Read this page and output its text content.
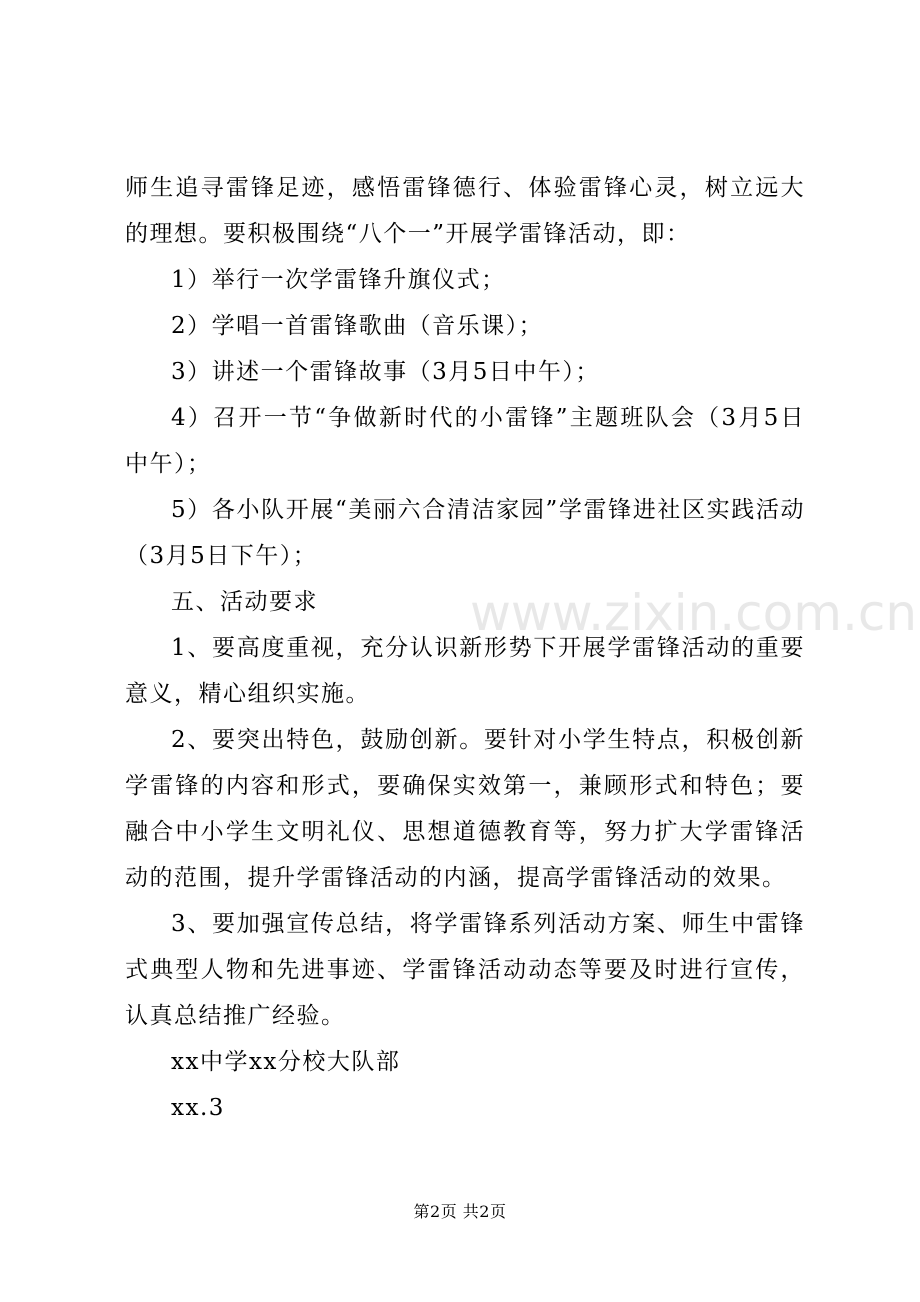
师生追寻雷锋足迹，感悟雷锋德行、体验雷锋心灵，树立远大的理想。要积极围绕“八个一”开展学雷锋活动，即：

1）举行一次学雷锋升旗仪式；

2）学唱一首雷锋歌曲（音乐课）；

3）讲述一个雷锋故事（3月5日中午）；

4）召开一节“争做新时代的小雷锋”主题班队会（3月5日中午）；

5）各小队开展“美丽六合清洁家园”学雷锋进社区实践活动（3月5日下午）；

五、活动要求

1、要高度重视，充分认识新形势下开展学雷锋活动的重要意义，精心组织实施。

2、要突出特色，鼓励创新。要针对小学生特点，积极创新学雷锋的内容和形式，要确保实效第一，兼顾形式和特色；要融合中小学生文明礼仪、思想道德教育等，努力扩大学雷锋活动的范围，提升学雷锋活动的内涵，提高学雷锋活动的效果。

3、要加强宣传总结，将学雷锋系列活动方案、师生中雷锋式典型人物和先进事迹、学雷锋活动动态等要及时进行宣传，认真总结推广经验。

xx中学xx分校大队部

xx.3

www.zixin.com.cn
第2页 共2页
